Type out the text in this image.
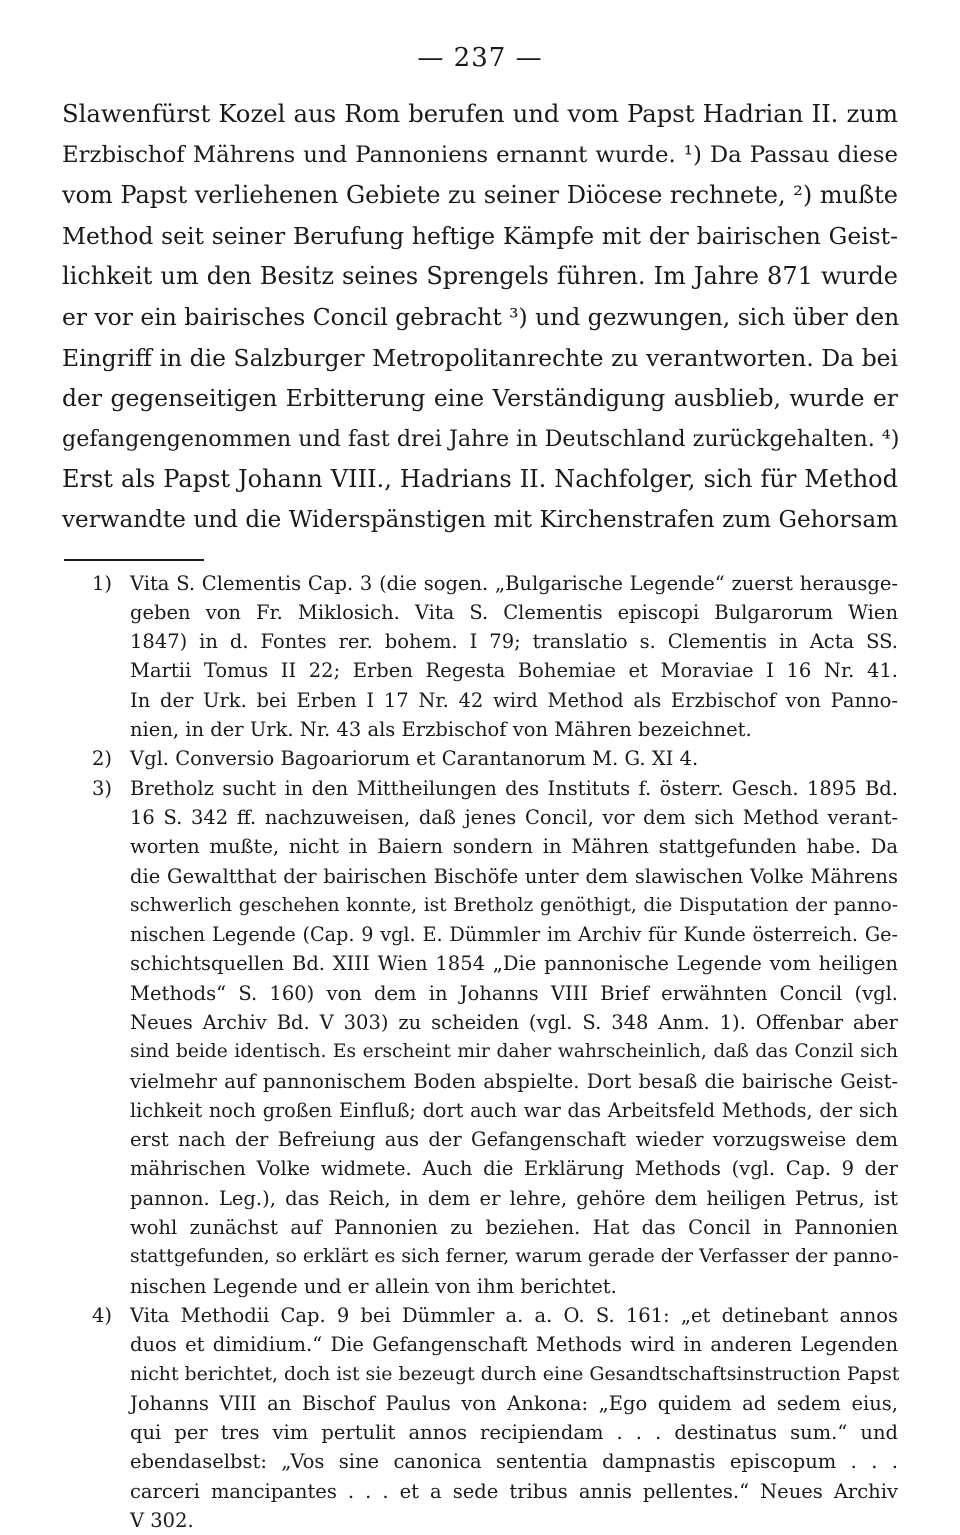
— 237 —
Slawenfürst Kozel aus Rom berufen und vom Papst Hadrian II. zum
Erzbischof Mährens und Pannoniens ernannt wurde. ¹) Da Passau diese
vom Papst verliehenen Gebiete zu seiner Diöcese rechnete, ²) mußte
Method seit seiner Berufung heftige Kämpfe mit der bairischen Geist-
lichkeit um den Besitz seines Sprengels führen. Im Jahre 871 wurde
er vor ein bairisches Concil gebracht ³) und gezwungen, sich über den
Eingriff in die Salzburger Metropolitanrechte zu verantworten. Da bei
der gegenseitigen Erbitterung eine Verständigung ausblieb, wurde er
gefangengenommen und fast drei Jahre in Deutschland zurückgehalten. ⁴)
Erst als Papst Johann VIII., Hadrians II. Nachfolger, sich für Method
verwandte und die Widerspänstigen mit Kirchenstrafen zum Gehorsam
1) Vita S. Clementis Cap. 3 (die sogen. „Bulgarische Legende“ zuerst herausge-
geben von Fr. Miklosich. Vita S. Clementis episcopi Bulgarorum Wien
1847) in d. Fontes rer. bohem. I 79; translatio s. Clementis in Acta SS.
Martii Tomus II 22; Erben Regesta Bohemiae et Moraviae I 16 Nr. 41.
In der Urk. bei Erben I 17 Nr. 42 wird Method als Erzbischof von Panno-
nien, in der Urk. Nr. 43 als Erzbischof von Mähren bezeichnet.
2) Vgl. Conversio Bagoariorum et Carantanorum M. G. XI 4.
3) Bretholz sucht in den Mittheilungen des Instituts f. österr. Gesch. 1895 Bd.
16 S. 342 ff. nachzuweisen, daß jenes Concil, vor dem sich Method verant-
worten mußte, nicht in Baiern sondern in Mähren stattgefunden habe. Da
die Gewaltthat der bairischen Bischöfe unter dem slawischen Volke Mährens
schwerlich geschehen konnte, ist Bretholz genöthigt, die Disputation der panno-
nischen Legende (Cap. 9 vgl. E. Dümmler im Archiv für Kunde österreich. Ge-
schichtsquellen Bd. XIII Wien 1854 „Die pannonische Legende vom heiligen
Methods“ S. 160) von dem in Johanns VIII Brief erwähnten Concil (vgl.
Neues Archiv Bd. V 303) zu scheiden (vgl. S. 348 Anm. 1). Offenbar aber
sind beide identisch. Es erscheint mir daher wahrscheinlich, daß das Conzil sich
vielmehr auf pannonischem Boden abspielte. Dort besaß die bairische Geist-
lichkeit noch großen Einfluß; dort auch war das Arbeitsfeld Methods, der sich
erst nach der Befreiung aus der Gefangenschaft wieder vorzugsweise dem
mährischen Volke widmete. Auch die Erklärung Methods (vgl. Cap. 9 der
pannon. Leg.), das Reich, in dem er lehre, gehöre dem heiligen Petrus, ist
wohl zunächst auf Pannonien zu beziehen. Hat das Concil in Pannonien
stattgefunden, so erklärt es sich ferner, warum gerade der Verfasser der panno-
nischen Legende und er allein von ihm berichtet.
4) Vita Methodii Cap. 9 bei Dümmler a. a. O. S. 161: „et detinebant annos
duos et dimidium.“ Die Gefangenschaft Methods wird in anderen Legenden
nicht berichtet, doch ist sie bezeugt durch eine Gesandtschaftsinstruction Papst
Johanns VIII an Bischof Paulus von Ankona: „Ego quidem ad sedem eius,
qui per tres vim pertulit annos recipiendam . . . destinatus sum.“ und
ebendaselbst: „Vos sine canonica sententia dampnastis episcopum . . .
carceri mancipantes . . . et a sede tribus annis pellentes.“ Neues Archiv
V 302.
